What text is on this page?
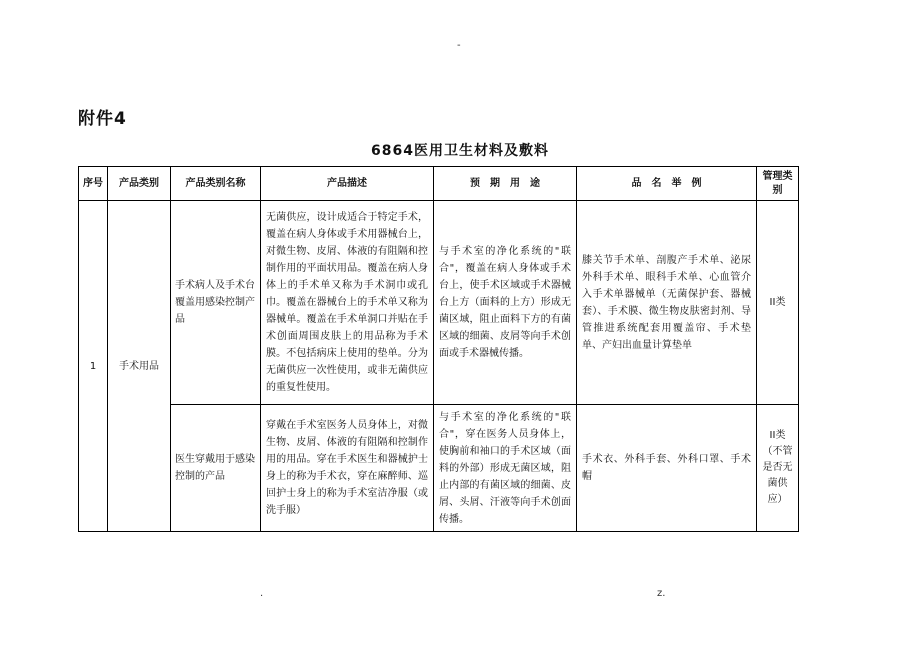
-
附件4
6864医用卫生材料及敷料
序号	产品类别	产品类别名称	产品描述	预　期　用　途	品　名　举　例	管理类别
1	手术用品	手术病人及手术台覆盖用感染控制产品	无菌供应，设计成适合于特定手术，覆盖在病人身体或手术用器械台上，对微生物、皮屑、体液的有阻隔和控制作用的平面状用品。覆盖在病人身体上的手术单又称为手术洞巾或孔巾。覆盖在器械台上的手术单又称为器械单。覆盖在手术单洞口并贴在手术创面周围皮肤上的用品称为手术膜。不包括病床上使用的垫单。分为无菌供应一次性使用，或非无菌供应的重复性使用。	与手术室的净化系统的"联合"，覆盖在病人身体或手术台上，使手术区域或手术器械台上方（面料的上方）形成无菌区域，阻止面料下方的有菌区域的细菌、皮屑等向手术创面或手术器械传播。	膝关节手术单、剖腹产手术单、泌尿外科手术单、眼科手术单、心血管介入手术单器械单（无菌保护套、器械套）、手术膜、微生物皮肤密封剂、导管推进系统配套用覆盖帘、手术垫单、产妇出血量计算垫单	II类
		医生穿戴用于感染控制的产品	穿戴在手术室医务人员身体上，对微生物、皮屑、体液的有阻隔和控制作用的用品。穿在手术医生和器械护士身上的称为手术衣，穿在麻醉师、巡回护士身上的称为手术室洁净服（或洗手服）	与手术室的净化系统的"联合"，穿在医务人员身体上，使胸前和袖口的手术区域（面料的外部）形成无菌区域，阻止内部的有菌区域的细菌、皮屑、头屑、汗液等向手术创面传播。	手术衣、外科手套、外科口罩、手术帽	II类（不管是否无菌供应）
.	z.
